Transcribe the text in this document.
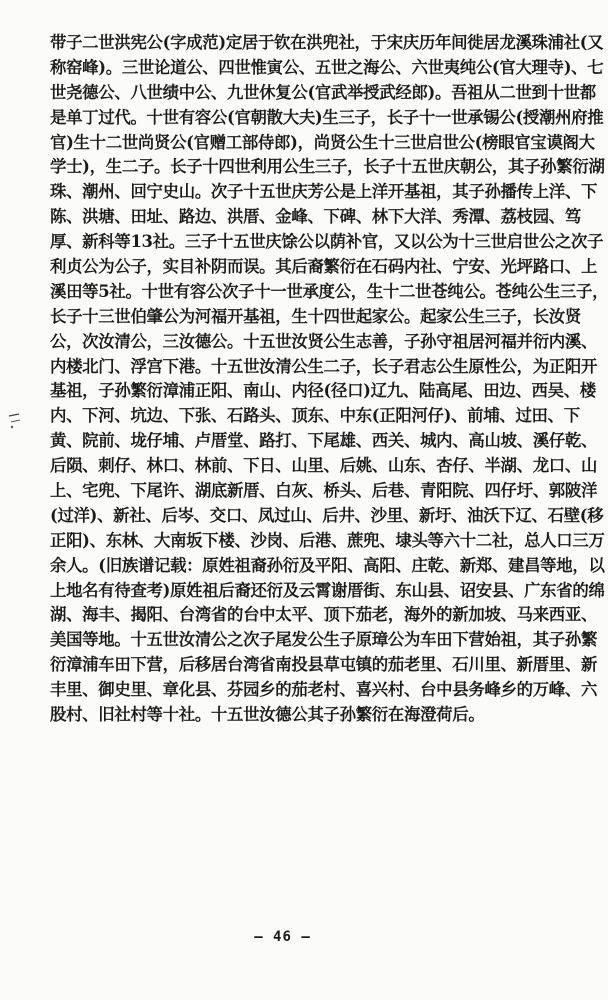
带子二世洪宪公(字成范)定居于钦在洪兜社，于宋庆历年间徙居龙溪珠浦社(又
称窑峰)。三世论道公、四世惟寅公、五世之海公、六世夷纯公(官大理寺)、七
世尧德公、八世绩中公、九世休复公(官武举授武经郎)。吾祖从二世到十世都
是单丁过代。十世有容公(官朝散大夫)生三子，长子十一世承锡公(授潮州府推
官)生十二世尚贤公(官赠工部侍郎)，尚贤公生十三世启世公(榜眼官宝谟阁大
学士)，生二子。长子十四世利用公生三子，长子十五世庆朝公，其子孙繁衍湖
珠、潮州、回宁史山。次子十五世庆芳公是上洋开基祖，其子孙播传上洋、下
陈、洪塘、田址、路边、洪厝、金峰、下碑、林下大洋、秀潭、荔枝园、笃
厚、新科等13社。三子十五世庆馀公以荫补官，又以公为十三世启世公之次子
利贞公为公子，实目补阴而误。其后裔繁衍在石码内社、宁安、光坪路口、上
溪田等5社。十世有容公次子十一世承度公，生十二世苍纯公。苍纯公生三子，
长子十三世伯肇公为河福开基祖，生十四世起家公。起家公生三子，长汝贤
公，次汝清公，三汝德公。十五世汝贤公生志善，子孙守祖居河福并衍内溪、
内楼北门、浮宫下港。十五世汝清公生二子，长子君志公生原性公，为正阳开
基祖，子孙繁衍漳浦正阳、南山、内径(径口)辽九、陆高尾、田边、西吴、楼
内、下河、坑边、下张、石路头、顶东、中东(正阳河仔)、前埔、过田、下
黄、院前、垅仔埔、卢厝堂、路打、下尾雄、西关、城内、高山坡、溪仔乾、
后陨、刺仔、林口、林前、下日、山里、后姚、山东、杏仔、半湖、龙口、山
上、宅兜、下尾许、湖底新厝、白灰、桥头、后巷、青阳院、四仔圩、郭陂洋
(过洋)、新社、后岑、交口、凤过山、后井、沙里、新圩、油沃下辽、石壁(移
正阳)、东林、大南坂下楼、沙岗、后港、蔗兜、埭头等六十二社，总人口三万
余人。(旧族谱记载：原姓祖裔孙衍及平阳、高阳、庄乾、新郑、建昌等地，以
上地名有待查考)原姓祖后裔还衍及云霄谢厝街、东山县、诏安县、广东省的绵
湖、海丰、揭阳、台湾省的台中太平、顶下茄老，海外的新加坡、马来西亚、
美国等地。十五世汝清公之次子尾发公生子原璋公为车田下营始祖，其子孙繁
衍漳浦车田下营，后移居台湾省南投县草屯镇的茄老里、石川里、新厝里、新
丰里、御史里、章化县、芬园乡的茄老村、喜兴村、台中县务峰乡的万峰、六
股村、旧社村等十社。十五世汝德公其子孙繁衍在海澄荷后。
— 46 —
